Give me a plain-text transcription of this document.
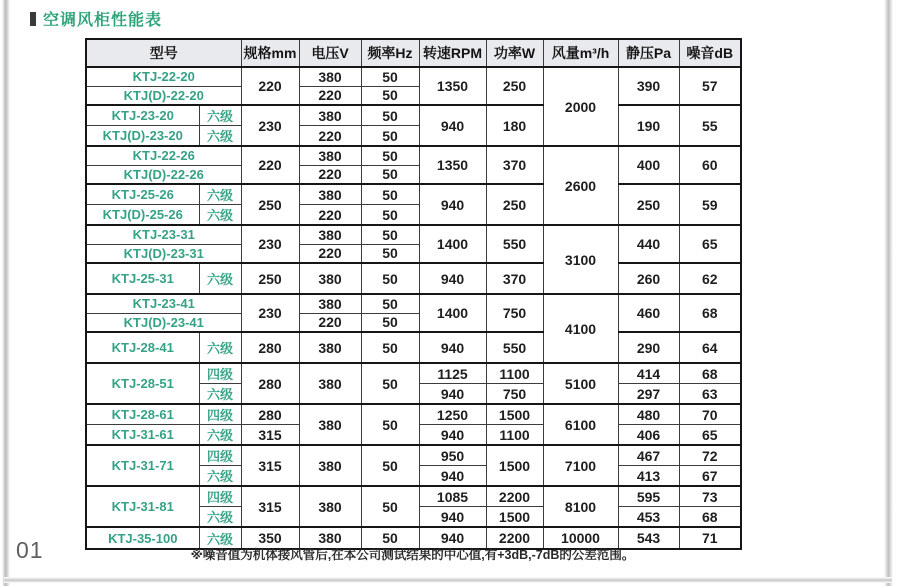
空调风柜性能表
型号		规格mm	电压V	频率Hz	转速RPM	功率W	风量m³/h	静压Pa	噪音dB
KTJ-22-20		220	380	50	1350	250	2000	390	57
KTJ(D)-22-20			220	50					
KTJ-23-20	六级	230	380	50	940	180		190	55
KTJ(D)-23-20	六级		220	50					
KTJ-22-26		220	380	50	1350	370	2600	400	60
KTJ(D)-22-26			220	50					
KTJ-25-26	六级	250	380	50	940	250		250	59
KTJ(D)-25-26	六级		220	50					
KTJ-23-31		230	380	50	1400	550	3100	440	65
KTJ(D)-23-31			220	50					
KTJ-25-31	六级	250	380	50	940	370		260	62
KTJ-23-41		230	380	50	1400	750	4100	460	68
KTJ(D)-23-41			220	50					
KTJ-28-41	六级	280	380	50	940	550		290	64
KTJ-28-51	四级	280	380	50	1125	1100	5100	414	68
	六级				940	750		297	63
KTJ-28-61	四级	280	380	50	1250	1500	6100	480	70
KTJ-31-61	六级	315			940	1100		406	65
KTJ-31-71	四级	315	380	50	950	1500	7100	467	72
	六级				940			413	67
KTJ-31-81	四级	315	380	50	1085	2200	8100	595	73
	六级				940	1500		453	68
KTJ-35-100	六级	350	380	50	940	2200	10000	543	71
※噪音值为机体接风管后,在本公司测试结果的中心值,有+3dB,-7dB的公差范围。
01
